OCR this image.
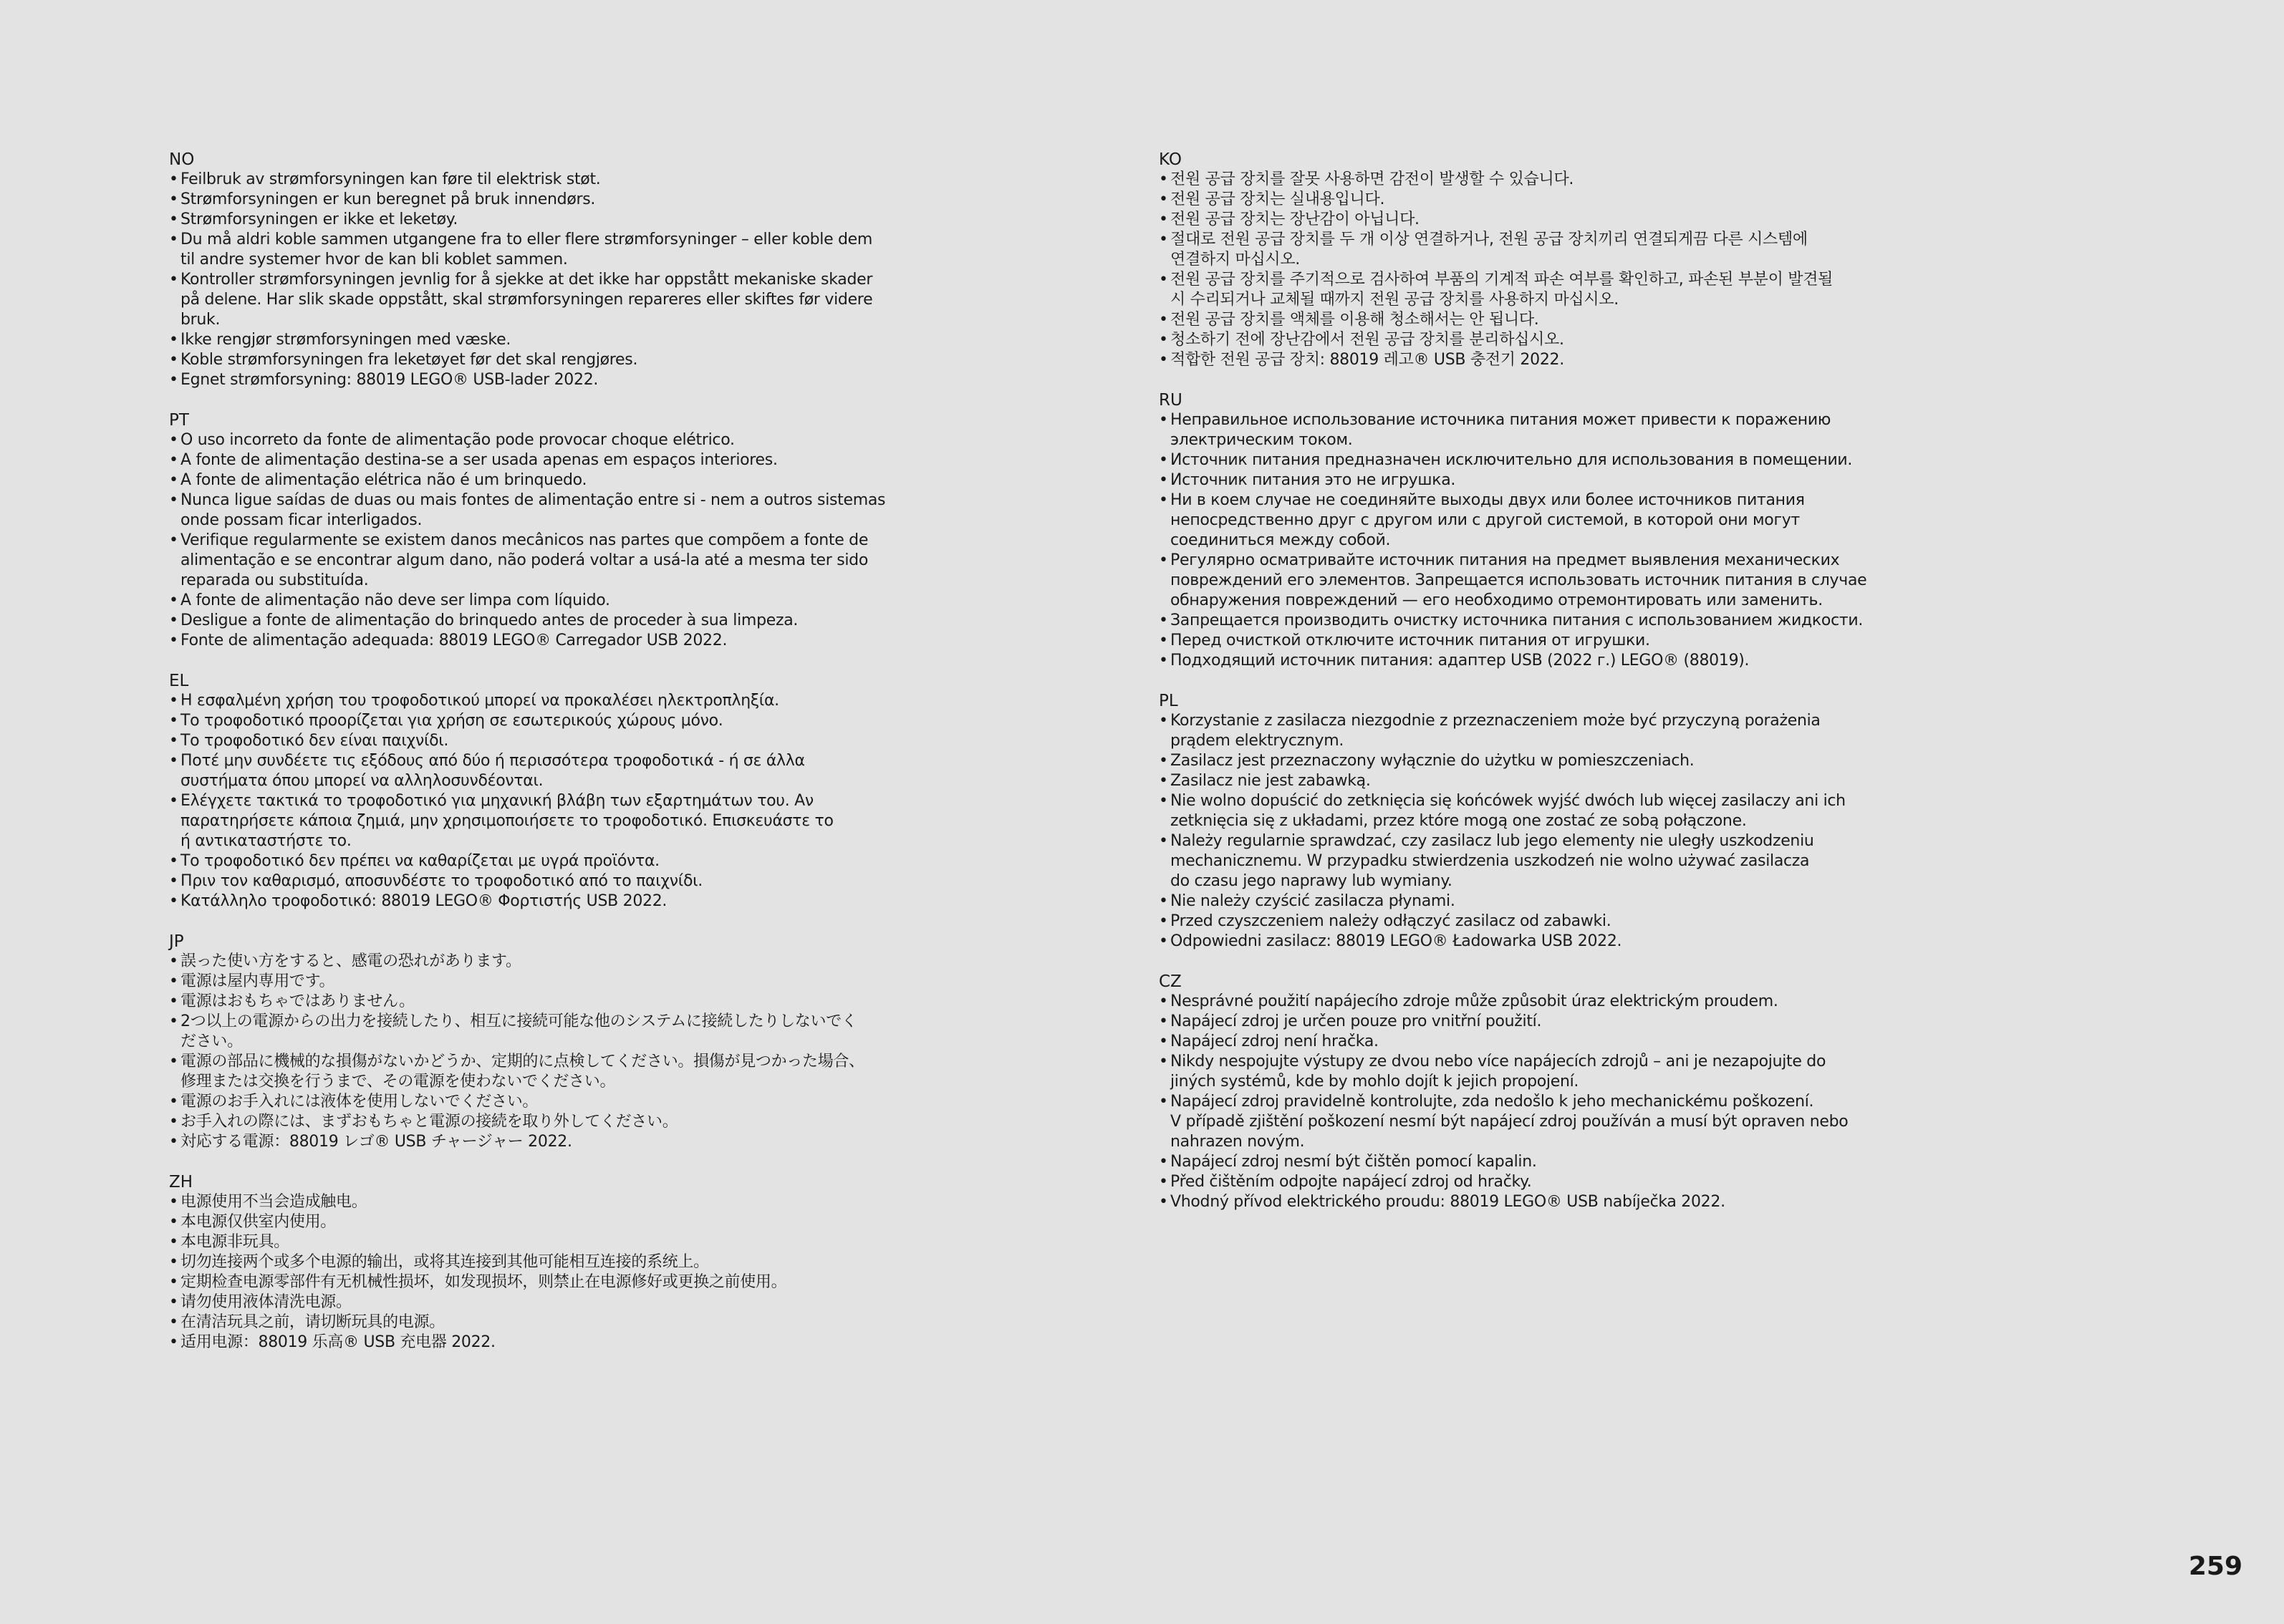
NO
• Feilbruk av strømforsyningen kan føre til elektrisk støt.
• Strømforsyningen er kun beregnet på bruk innendørs.
• Strømforsyningen er ikke et leketøy.
• Du må aldri koble sammen utgangene fra to eller flere strømforsyninger – eller koble dem
til andre systemer hvor de kan bli koblet sammen.
• Kontroller strømforsyningen jevnlig for å sjekke at det ikke har oppstått mekaniske skader
på delene. Har slik skade oppstått, skal strømforsyningen repareres eller skiftes før videre
bruk.
• Ikke rengjør strømforsyningen med væske.
• Koble strømforsyningen fra leketøyet før det skal rengjøres.
• Egnet strømforsyning: 88019 LEGO® USB-lader 2022.
PT
• O uso incorreto da fonte de alimentação pode provocar choque elétrico.
• A fonte de alimentação destina-se a ser usada apenas em espaços interiores.
• A fonte de alimentação elétrica não é um brinquedo.
• Nunca ligue saídas de duas ou mais fontes de alimentação entre si - nem a outros sistemas
onde possam ficar interligados.
• Verifique regularmente se existem danos mecânicos nas partes que compõem a fonte de
alimentação e se encontrar algum dano, não poderá voltar a usá-la até a mesma ter sido
reparada ou substituída.
• A fonte de alimentação não deve ser limpa com líquido.
• Desligue a fonte de alimentação do brinquedo antes de proceder à sua limpeza.
• Fonte de alimentação adequada: 88019 LEGO® Carregador USB 2022.
EL
• Η εσφαλμένη χρήση του τροφοδοτικού μπορεί να προκαλέσει ηλεκτροπληξία.
• Το τροφοδοτικό προορίζεται για χρήση σε εσωτερικούς χώρους μόνο.
• Το τροφοδοτικό δεν είναι παιχνίδι.
• Ποτέ μην συνδέετε τις εξόδους από δύο ή περισσότερα τροφοδοτικά - ή σε άλλα
συστήματα όπου μπορεί να αλληλοσυνδέονται.
• Ελέγχετε τακτικά το τροφοδοτικό για μηχανική βλάβη των εξαρτημάτων του. Αν
παρατηρήσετε κάποια ζημιά, μην χρησιμοποιήσετε το τροφοδοτικό. Επισκευάστε το
ή αντικαταστήστε το.
• Το τροφοδοτικό δεν πρέπει να καθαρίζεται με υγρά προϊόντα.
• Πριν τον καθαρισμό, αποσυνδέστε το τροφοδοτικό από το παιχνίδι.
• Κατάλληλο τροφοδοτικό: 88019 LEGO® Φορτιστής USB 2022.
JP
• 誤った使い方をすると、感電の恐れがあります。
• 電源は屋内専用です。
• 電源はおもちゃではありません。
• 2つ以上の電源からの出力を接続したり、相互に接続可能な他のシステムに接続したりしないでく
ださい。
• 電源の部品に機械的な損傷がないかどうか、定期的に点検してください。損傷が見つかった場合、
修理または交換を行うまで、その電源を使わないでください。
• 電源のお手入れには液体を使用しないでください。
• お手入れの際には、まずおもちゃと電源の接続を取り外してください。
• 対応する電源：88019 レゴ® USB チャージャー 2022.
ZH
• 电源使用不当会造成触电。
• 本电源仅供室内使用。
• 本电源非玩具。
• 切勿连接两个或多个电源的输出，或将其连接到其他可能相互连接的系统上。
• 定期检查电源零部件有无机械性损坏，如发现损坏，则禁止在电源修好或更换之前使用。
• 请勿使用液体清洗电源。
• 在清洁玩具之前，请切断玩具的电源。
• 适用电源：88019 乐高® USB 充电器 2022.
KO
• 전원 공급 장치를 잘못 사용하면 감전이 발생할 수 있습니다.
• 전원 공급 장치는 실내용입니다.
• 전원 공급 장치는 장난감이 아닙니다.
• 절대로 전원 공급 장치를 두 개 이상 연결하거나, 전원 공급 장치끼리 연결되게끔 다른 시스템에
연결하지 마십시오.
• 전원 공급 장치를 주기적으로 검사하여 부품의 기계적 파손 여부를 확인하고, 파손된 부분이 발견될
시 수리되거나 교체될 때까지 전원 공급 장치를 사용하지 마십시오.
• 전원 공급 장치를 액체를 이용해 청소해서는 안 됩니다.
• 청소하기 전에 장난감에서 전원 공급 장치를 분리하십시오.
• 적합한 전원 공급 장치: 88019 레고® USB 충전기 2022.
RU
• Неправильное использование источника питания может привести к поражению
электрическим током.
• Источник питания предназначен исключительно для использования в помещении.
• Источник питания это не игрушка.
• Ни в коем случае не соединяйте выходы двух или более источников питания
непосредственно друг с другом или с другой системой, в которой они могут
соединиться между собой.
• Регулярно осматривайте источник питания на предмет выявления механических
повреждений его элементов. Запрещается использовать источник питания в случае
обнаружения повреждений — его необходимо отремонтировать или заменить.
• Запрещается производить очистку источника питания с использованием жидкости.
• Перед очисткой отключите источник питания от игрушки.
• Подходящий источник питания: адаптер USB (2022 г.) LEGO® (88019).
PL
• Korzystanie z zasilacza niezgodnie z przeznaczeniem może być przyczyną porażenia
prądem elektrycznym.
• Zasilacz jest przeznaczony wyłącznie do użytku w pomieszczeniach.
• Zasilacz nie jest zabawką.
• Nie wolno dopuścić do zetknięcia się końcówek wyjść dwóch lub więcej zasilaczy ani ich
zetknięcia się z układami, przez które mogą one zostać ze sobą połączone.
• Należy regularnie sprawdzać, czy zasilacz lub jego elementy nie uległy uszkodzeniu
mechanicznemu. W przypadku stwierdzenia uszkodzeń nie wolno używać zasilacza
do czasu jego naprawy lub wymiany.
• Nie należy czyścić zasilacza płynami.
• Przed czyszczeniem należy odłączyć zasilacz od zabawki.
• Odpowiedni zasilacz: 88019 LEGO® Ładowarka USB 2022.
CZ
• Nesprávné použití napájecího zdroje může způsobit úraz elektrickým proudem.
• Napájecí zdroj je určen pouze pro vnitřní použití.
• Napájecí zdroj není hračka.
• Nikdy nespojujte výstupy ze dvou nebo více napájecích zdrojů – ani je nezapojujte do
jiných systémů, kde by mohlo dojít k jejich propojení.
• Napájecí zdroj pravidelně kontrolujte, zda nedošlo k jeho mechanickému poškození.
V případě zjištění poškození nesmí být napájecí zdroj používán a musí být opraven nebo
nahrazen novým.
• Napájecí zdroj nesmí být čištěn pomocí kapalin.
• Před čištěním odpojte napájecí zdroj od hračky.
• Vhodný přívod elektrického proudu: 88019 LEGO® USB nabíječka 2022.
259
